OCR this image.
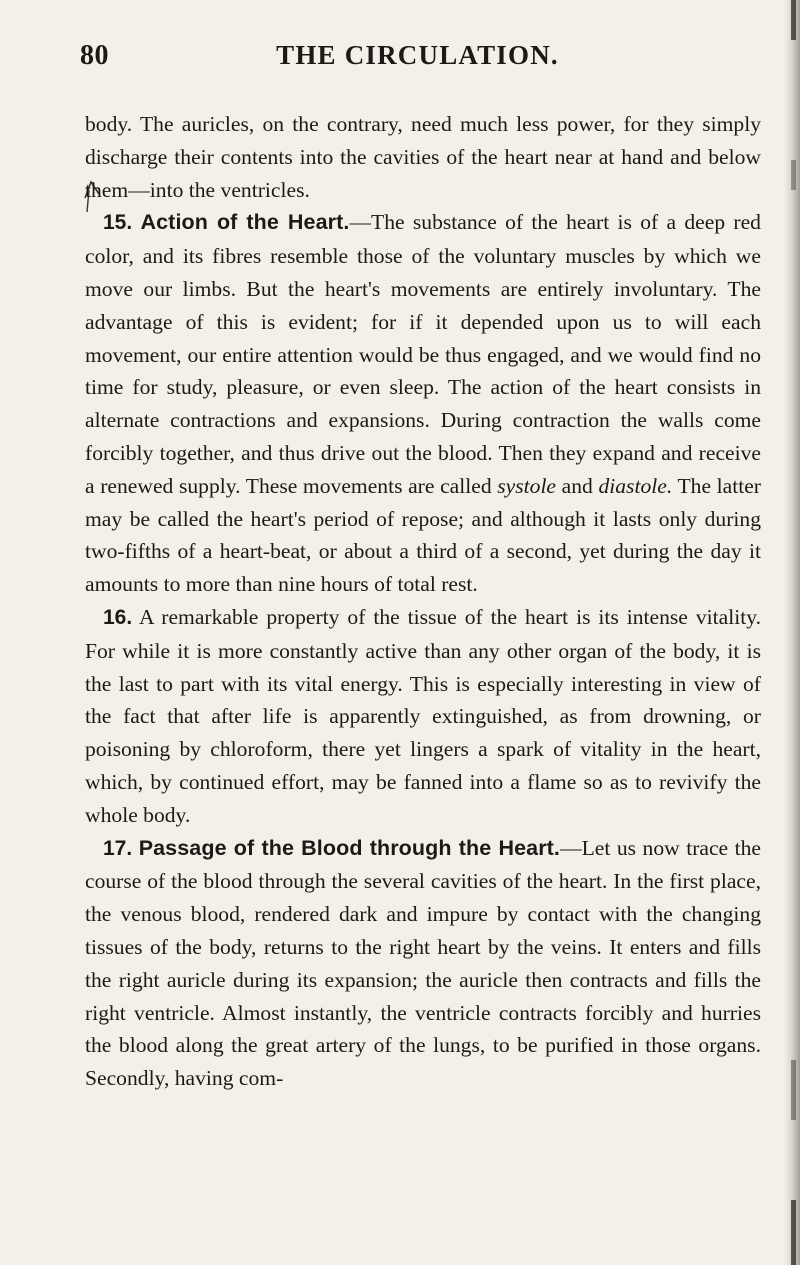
80	THE CIRCULATION.

body. The auricles, on the contrary, need much less power, for they simply discharge their contents into the cavities of the heart near at hand and below them—into the ventricles.

15. Action of the Heart.—The substance of the heart is of a deep red color, and its fibres resemble those of the voluntary muscles by which we move our limbs. But the heart's movements are entirely involuntary. The advantage of this is evident; for if it depended upon us to will each movement, our entire attention would be thus engaged, and we would find no time for study, pleasure, or even sleep. The action of the heart consists in alternate contractions and expansions. During contraction the walls come forcibly together, and thus drive out the blood. Then they expand and receive a renewed supply. These movements are called systole and diastole. The latter may be called the heart's period of repose; and although it lasts only during two-fifths of a heart-beat, or about a third of a second, yet during the day it amounts to more than nine hours of total rest.

16. A remarkable property of the tissue of the heart is its intense vitality. For while it is more constantly active than any other organ of the body, it is the last to part with its vital energy. This is especially interesting in view of the fact that after life is apparently extinguished, as from drowning, or poisoning by chloroform, there yet lingers a spark of vitality in the heart, which, by continued effort, may be fanned into a flame so as to revivify the whole body.

17. Passage of the Blood through the Heart.—Let us now trace the course of the blood through the several cavities of the heart. In the first place, the venous blood, rendered dark and impure by contact with the changing tissues of the body, returns to the right heart by the veins. It enters and fills the right auricle during its expansion; the auricle then contracts and fills the right ventricle. Almost instantly, the ventricle contracts forcibly and hurries the blood along the great artery of the lungs, to be purified in those organs. Secondly, having com-
